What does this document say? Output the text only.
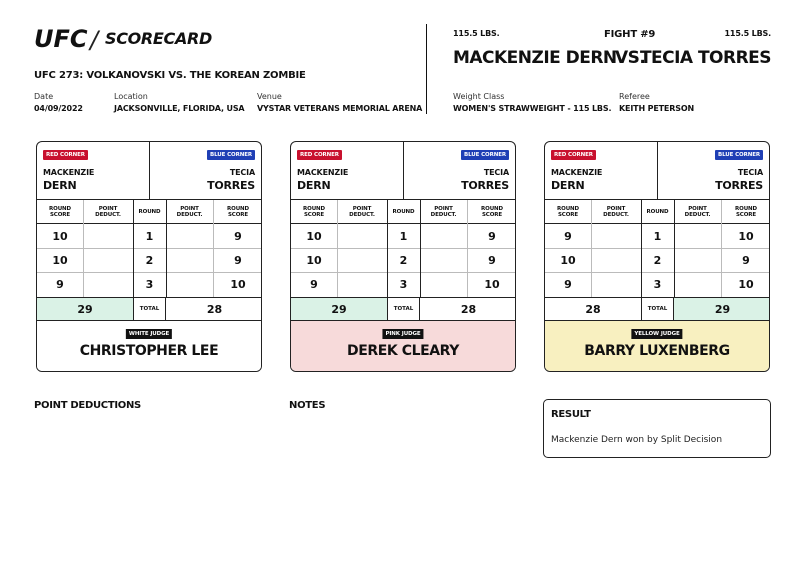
UFC / SCORECARD
UFC 273: VOLKANOVSKI VS. THE KOREAN ZOMBIE
Date
04/09/2022
Location
JACKSONVILLE, FLORIDA, USA
Venue
VYSTAR VETERANS MEMORIAL ARENA
115.5 LBS.	FIGHT #9	115.5 LBS.
MACKENZIE DERN
VS.
TECIA TORRES
Weight Class
WOMEN'S STRAWWEIGHT - 115 LBS.
Referee
KEITH PETERSON
RED CORNER
MACKENZIE
DERN
BLUE CORNER
TECIA
TORRES
ROUND SCORE
POINT DEDUCT.
ROUND
POINT DEDUCT.
ROUND SCORE
10	1	9
10	2	9
9	3	10
29	TOTAL	28
WHITE JUDGE
CHRISTOPHER LEE
RED CORNER
MACKENZIE
DERN
BLUE CORNER
TECIA
TORRES
ROUND SCORE
POINT DEDUCT.
ROUND
POINT DEDUCT.
ROUND SCORE
10	1	9
10	2	9
9	3	10
29	TOTAL	28
PINK JUDGE
DEREK CLEARY
RED CORNER
MACKENZIE
DERN
BLUE CORNER
TECIA
TORRES
ROUND SCORE
POINT DEDUCT.
ROUND
POINT DEDUCT.
ROUND SCORE
9	1	10
10	2	9
9	3	10
28	TOTAL	29
YELLOW JUDGE
BARRY LUXENBERG
POINT DEDUCTIONS	NOTES
RESULT
Mackenzie Dern won by Split Decision
